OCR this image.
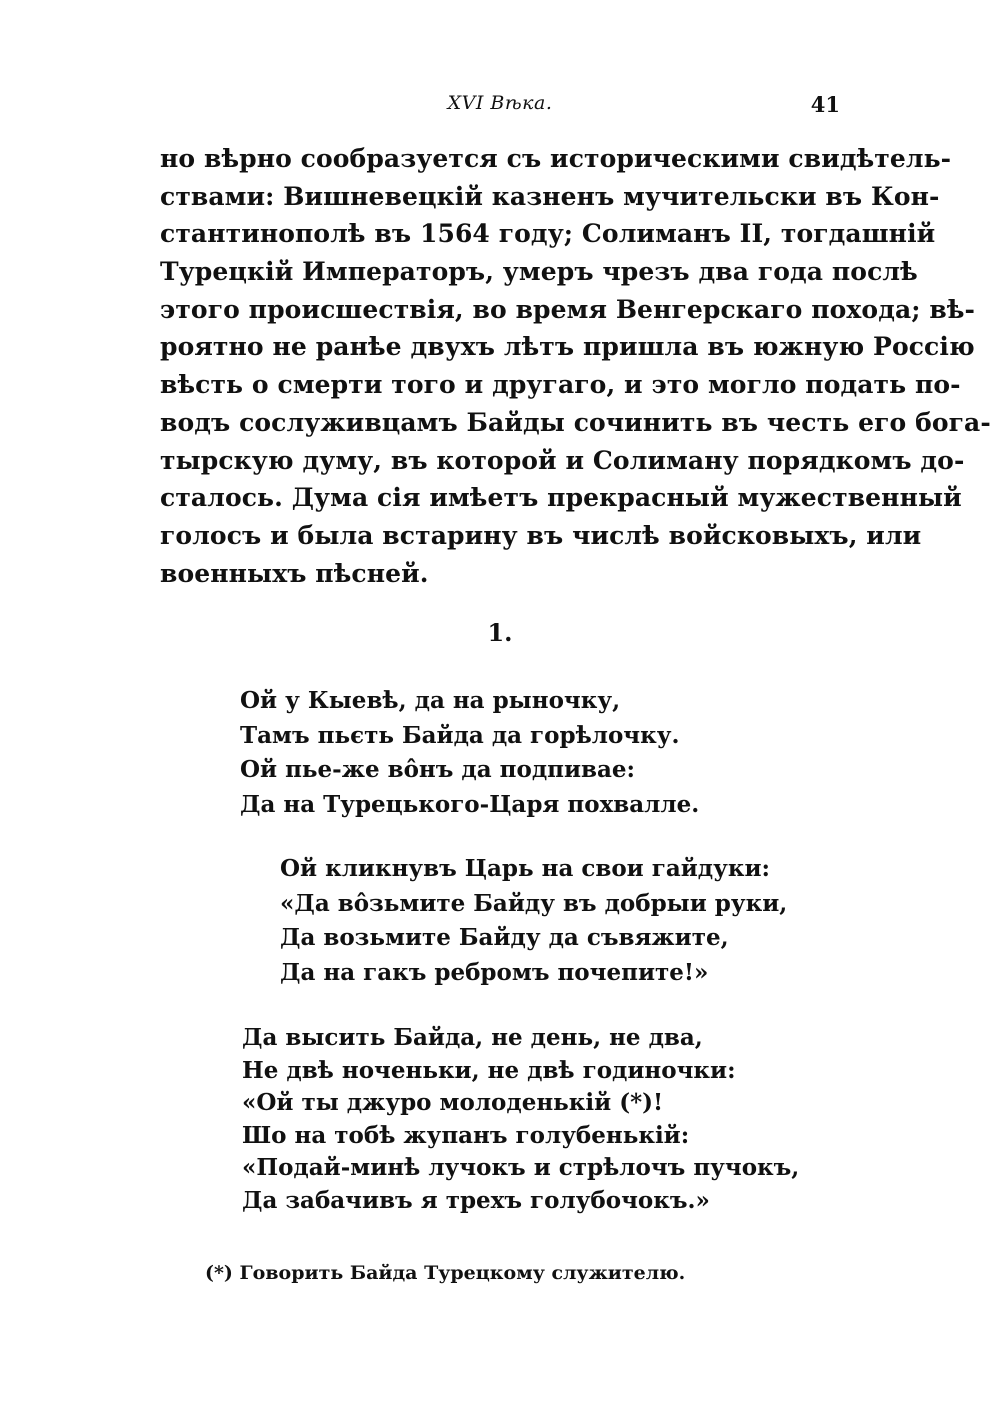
XVI Вѣка.	41
но вѣрно сообразуется съ историческими свидѣтель-
ствами: Вишневецкій казненъ мучительски въ Кон-
стантинополѣ въ 1564 году; Солиманъ II, тогдашній
Турецкій Императоръ, умеръ чрезъ два года послѣ
этого происшествія, во время Венгерскаго похода; вѣ-
роятно не ранѣе двухъ лѣтъ пришла въ южную Россію
вѣсть о смерти того и другаго, и это могло подать по-
водъ сослуживцамъ Байды сочинить въ честь его бога-
тырскую думу, въ которой и Солиману порядкомъ до-
сталось. Дума сія имѣетъ прекрасный мужественный
голосъ и была встарину въ числѣ войсковыхъ, или
военныхъ пѣсней.
1.
Ой у Кыевѣ, да на рыночку,
Тамъ пьєть Байда да горѣлочку.
Ой пье-же вôнъ да подпивае:
Да на Турецького-Царя похвалле.
Ой кликнувъ Царь на свои гайдуки:
«Да вôзьмите Байду въ добрыи руки,
Да возьмите Байду да съвяжите,
Да на гакъ ребромъ почепите!»
Да высить Байда, не день, не два,
Не двѣ ноченьки, не двѣ годиночки:
«Ой ты джуро молоденькій (*)!
Шо на тобѣ жупанъ голубенькій:
«Подай-минѣ лучокъ и стрѣлочъ пучокъ,
Да забачивъ я трехъ голубочокъ.»
(*) Говорить Байда Турецкому служителю.
